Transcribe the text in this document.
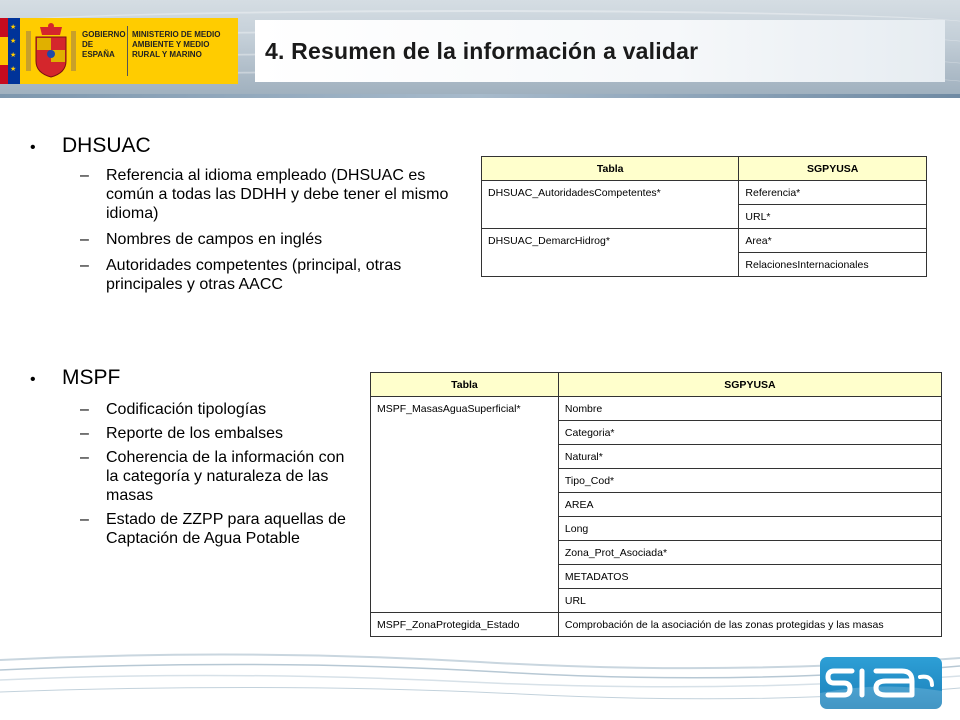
★
★
★
★
GOBIERNO DE ESPAÑA
MINISTERIO DE MEDIO AMBIENTE Y MEDIO RURAL Y MARINO	4. Resumen de la información a validar
•	DHSUAC
–	Referencia al idioma empleado (DHSUAC es común a todas las DDHH y debe tener el mismo idioma)
–	Nombres de campos en inglés
–	Autoridades competentes (principal, otras principales y otras AACC
•	MSPF
–	Codificación tipologías
–	Reporte de los embalses
–	Coherencia de la información con la categoría y naturaleza de las masas
–	Estado de ZZPP para aquellas de Captación de Agua Potable
Tabla	SGPYUSA
DHSUAC_AutoridadesCompetentes*	Referencia*
	URL*
DHSUAC_DemarcHidrog*	Area*
	RelacionesInternacionales
Tabla	SGPYUSA
MSPF_MasasAguaSuperficial*	Nombre
	Categoria*
	Natural*
	Tipo_Cod*
	AREA
	Long
	Zona_Prot_Asociada*
	METADATOS
	URL
MSPF_ZonaProtegida_Estado	Comprobación de la asociación de las zonas protegidas y las masas
